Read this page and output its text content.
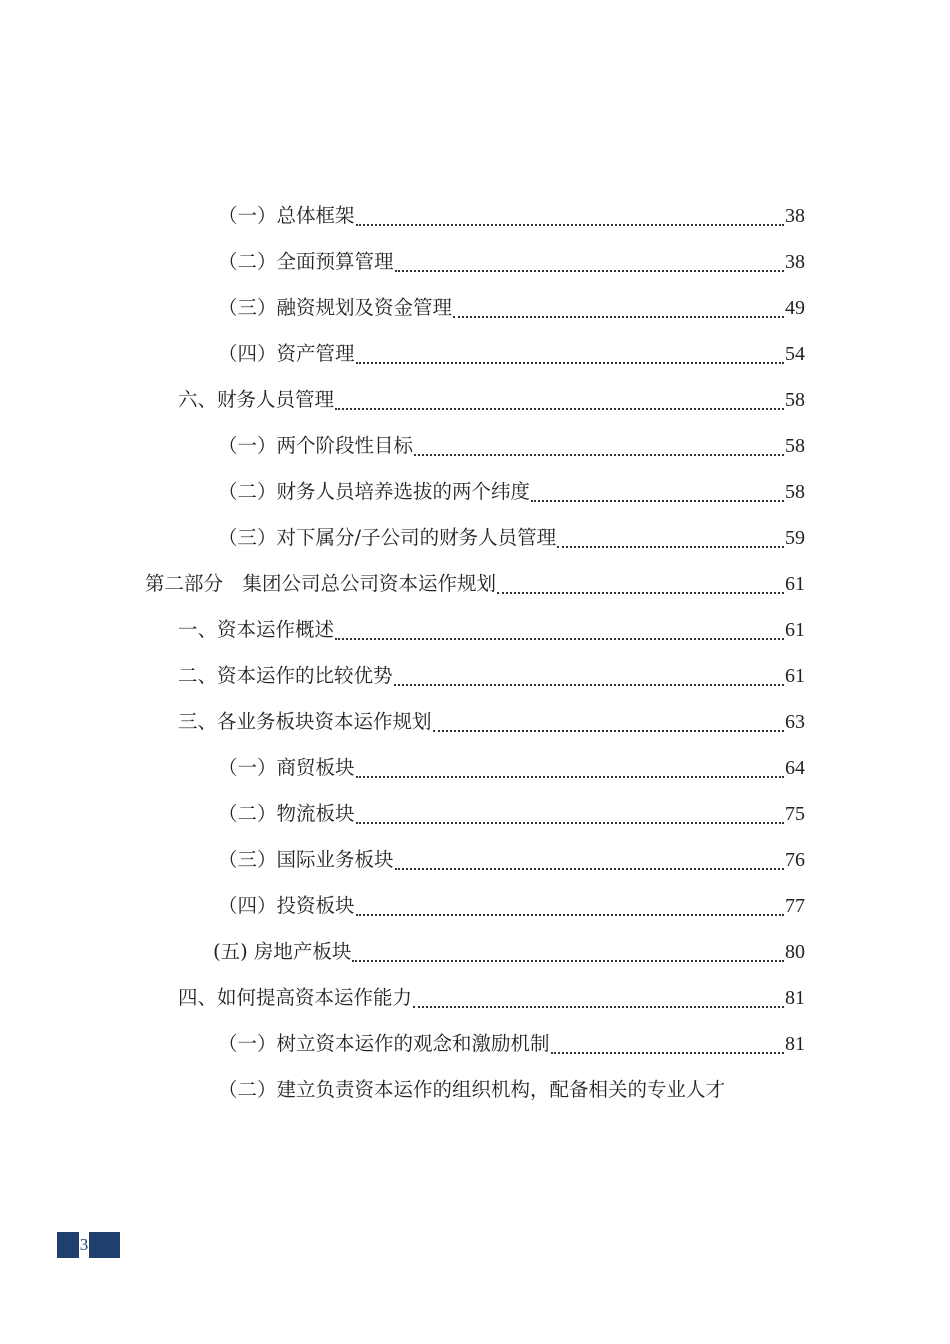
（一）总体框架	38
（二）全面预算管理	38
（三）融资规划及资金管理	49
（四）资产管理	54
六、财务人员管理	58
（一）两个阶段性目标	58
（二）财务人员培养选拔的两个纬度	58
（三）对下属分/子公司的财务人员管理	59
第二部分　集团公司总公司资本运作规划	61
一、资本运作概述	61
二、资本运作的比较优势	61
三、各业务板块资本运作规划	63
（一）商贸板块	64
（二）物流板块	75
（三）国际业务板块	76
（四）投资板块	77
(五) 房地产板块	80
四、如何提高资本运作能力	81
（一）树立资本运作的观念和激励机制	81
（二）建立负责资本运作的组织机构，配备相关的专业人才
3
